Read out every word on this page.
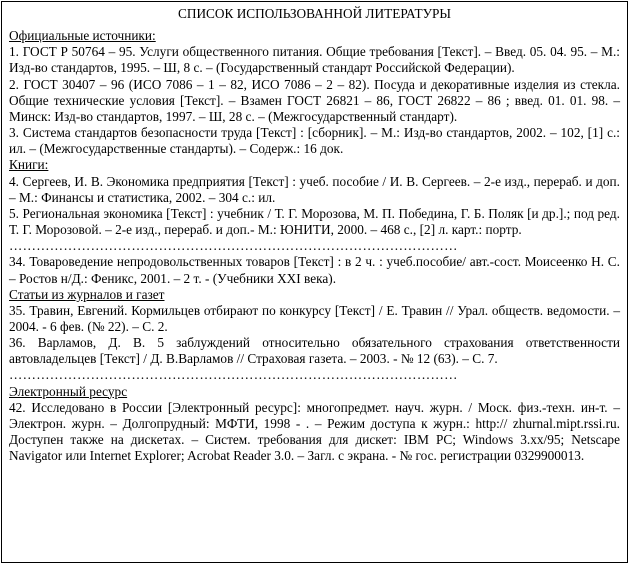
СПИСОК ИСПОЛЬЗОВАННОЙ ЛИТЕРАТУРЫ
Официальные источники:

1. ГОСТ Р 50764 – 95. Услуги общественного питания. Общие требования [Текст]. – Введ. 05. 04. 95. – М.: Изд-во стандартов, 1995. – Ш, 8 с. – (Государственный стандарт Российской Федерации).

2. ГОСТ 30407 – 96 (ИСО 7086 – 1 – 82, ИСО 7086 – 2 – 82). Посуда и декоративные изделия из стекла. Общие технические условия [Текст]. – Взамен ГОСТ 26821 – 86, ГОСТ 26822 – 86 ; введ. 01. 01. 98. – Минск: Изд-во стандартов, 1997. – Ш, 28 с. – (Межгосударственный стандарт).

3. Система стандартов безопасности труда [Текст] : [сборник]. – М.: Изд-во стандартов, 2002. – 102, [1] с.: ил. – (Межгосударственные стандарты). – Содерж.: 16 док.

Книги:

4. Сергеев, И. В. Экономика предприятия [Текст] : учеб. пособие / И. В. Сергеев. – 2-е изд., перераб. и доп. – М.: Финансы и статистика, 2002. – 304 с.: ил.

5. Региональная экономика [Текст] : учебник / Т. Г. Морозова, М. П. Победина, Г. Б. Поляк [и др.].; под ред. Т. Г. Морозовой. – 2-е изд., перераб. и доп.- М.: ЮНИТИ, 2000. – 468 с., [2] л. карт.: портр.

………………………………………………………………………………………

34. Товароведение непродовольственных товаров [Текст] : в 2 ч. : учеб.пособие/ авт.-сост. Моисеенко Н. С. – Ростов н/Д.: Феникс, 2001. – 2 т. - (Учебники XXI века).

Статьи из журналов и газет

35. Травин, Евгений. Кормильцев отбирают по конкурсу [Текст] / Е. Травин // Урал. обществ. ведомости. – 2004. - 6 фев. (№ 22). – С. 2.

36. Варламов, Д. В. 5 заблуждений относительно обязательного страхования ответственности автовладельцев [Текст] / Д. В.Варламов // Страховая газета. – 2003. - № 12 (63). – С. 7.

………………………………………………………………………………………
Электронный ресурс

42. Исследовано в России [Электронный ресурс]: многопредмет. науч. журн. / Моск. физ.-техн. ин-т. – Электрон. журн. – Долгопрудный: МФТИ, 1998 - . – Режим доступа к журн.: http:// zhurnal.mipt.rssi.ru. Доступен также на дискетах. – Систем. требования для дискет: IBM PC; Windows 3.xx/95; Netscape Navigator или Internet Explorer; Acrobat Reader 3.0. – Загл. с экрана. - № гос. регистрации 0329900013.
